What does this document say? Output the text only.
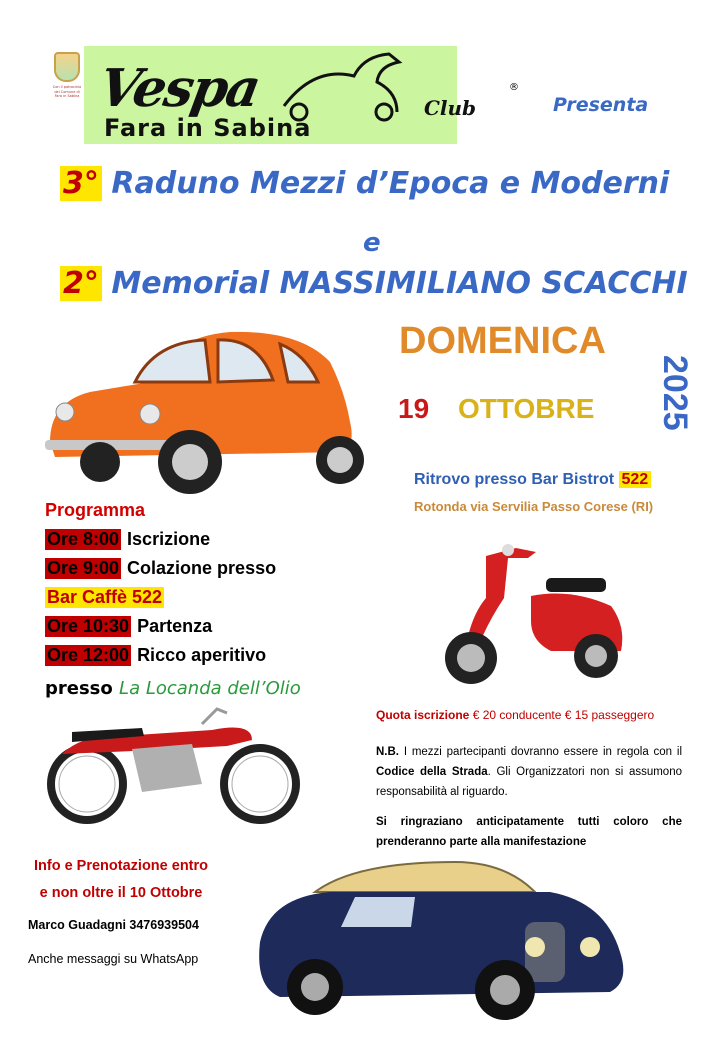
Con il patrocinio del Comune di Fara in Sabina Vespa	®
Club
Fara in Sabina
Presenta
3° Raduno Mezzi d’Epoca e Moderni
e
2° Memorial MASSIMILIANO SCACCHI
DOMENICA
19 OTTOBRE 2025
Ritrovo presso Bar Bistrot 522
Rotonda via Servilia Passo Corese (RI)
Programma
Ore 8:00 Iscrizione
Ore 9:00 Colazione presso
Bar Caffè 522
Ore 10:30 Partenza
Ore 12:00 Ricco aperitivo
presso La Locanda dell’Olio
Quota iscrizione € 20 conducente € 15 passeggero
N.B. I mezzi partecipanti dovranno essere in regola con il Codice della Strada. Gli Organizzatori non si assumono responsabilità al riguardo.
Si ringraziano anticipatamente tutti coloro che prenderanno parte alla manifestazione
Info e Prenotazione entro
e non oltre il 10 Ottobre
Marco Guadagni 3476939504
Anche messaggi su WhatsApp
